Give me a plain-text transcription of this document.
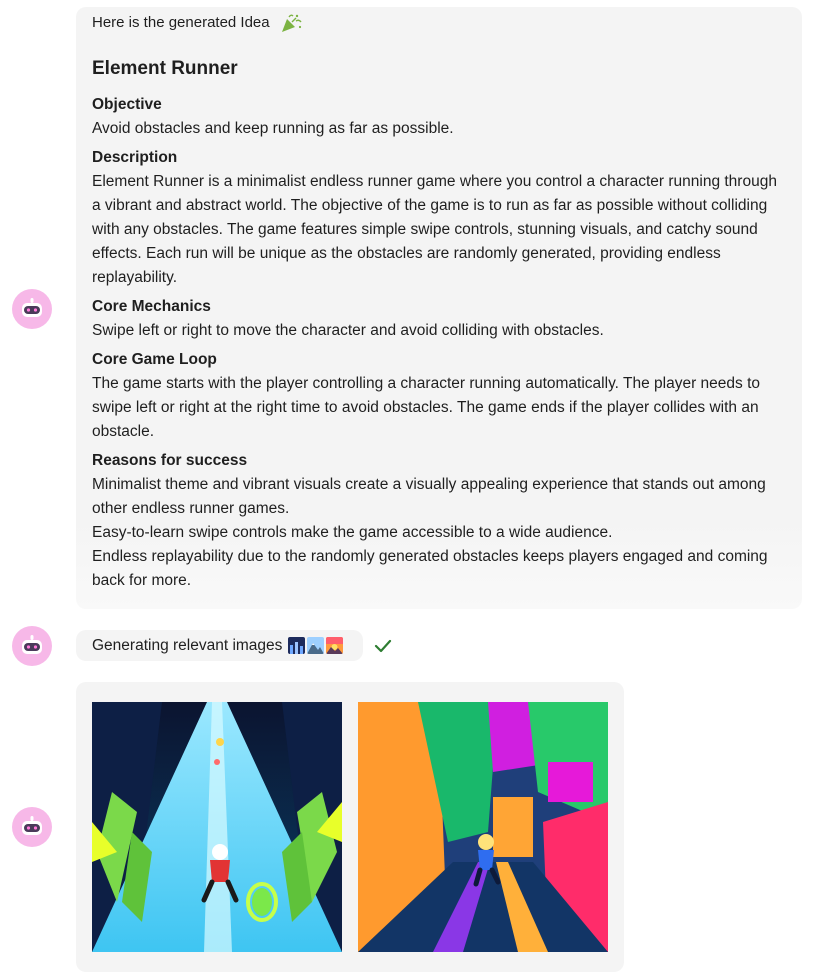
Here is the generated Idea
Element Runner
Objective

Avoid obstacles and keep running as far as possible.

Description

Element Runner is a minimalist endless runner game where you control a character running through a vibrant and abstract world. The objective of the game is to run as far as possible without colliding with any obstacles. The game features simple swipe controls, stunning visuals, and catchy sound effects. Each run will be unique as the obstacles are randomly generated, providing endless replayability.

Core Mechanics

Swipe left or right to move the character and avoid colliding with obstacles.

Core Game Loop

The game starts with the player controlling a character running automatically. The player needs to swipe left or right at the right time to avoid obstacles. The game ends if the player collides with an obstacle.

Reasons for success

Minimalist theme and vibrant visuals create a visually appealing experience that stands out among other endless runner games.

Easy-to-learn swipe controls make the game accessible to a wide audience.

Endless replayability due to the randomly generated obstacles keeps players engaged and coming back for more.

Generating relevant images
